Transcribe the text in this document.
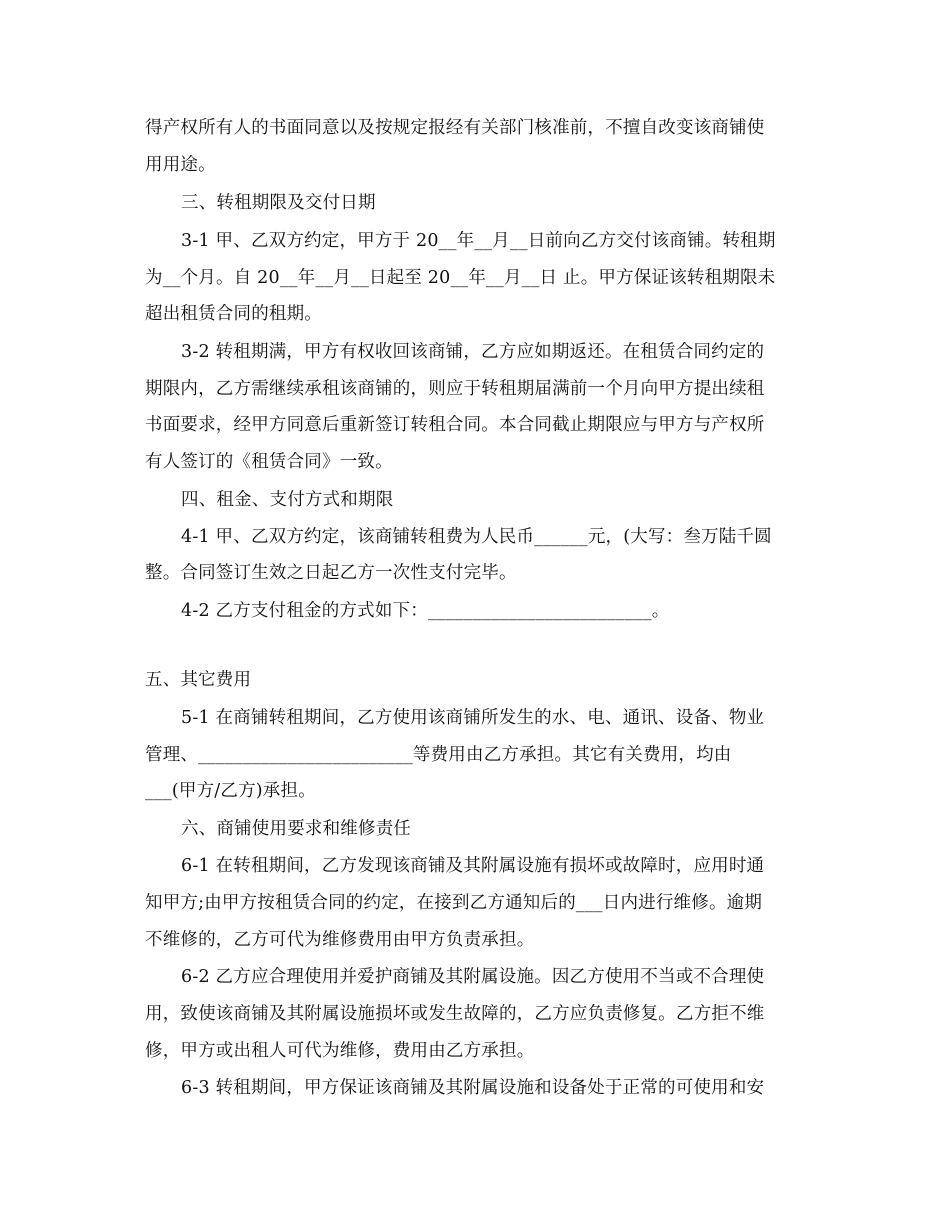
得产权所有人的书面同意以及按规定报经有关部门核准前，不擅自改变该商铺使
用用途。
三、转租期限及交付日期
3-1 甲、乙双方约定，甲方于 20__年__月__日前向乙方交付该商铺。转租期
为__个月。自 20__年__月__日起至 20__年__月__日 止。甲方保证该转租期限未
超出租赁合同的租期。
3-2 转租期满，甲方有权收回该商铺，乙方应如期返还。在租赁合同约定的
期限内，乙方需继续承租该商铺的，则应于转租期届满前一个月向甲方提出续租
书面要求，经甲方同意后重新签订转租合同。本合同截止期限应与甲方与产权所
有人签订的《租赁合同》一致。
四、租金、支付方式和期限
4-1 甲、乙双方约定，该商铺转租费为人民币______元，(大写：叁万陆千圆
整。合同签订生效之日起乙方一次性支付完毕。
4-2 乙方支付租金的方式如下：_________________________。
五、其它费用
5-1 在商铺转租期间，乙方使用该商铺所发生的水、电、通讯、设备、物业
管理、________________________等费用由乙方承担。其它有关费用，均由
___(甲方/乙方)承担。
六、商铺使用要求和维修责任
6-1 在转租期间，乙方发现该商铺及其附属设施有损坏或故障时，应用时通
知甲方;由甲方按租赁合同的约定，在接到乙方通知后的___日内进行维修。逾期
不维修的，乙方可代为维修费用由甲方负责承担。
6-2 乙方应合理使用并爱护商铺及其附属设施。因乙方使用不当或不合理使
用，致使该商铺及其附属设施损坏或发生故障的，乙方应负责修复。乙方拒不维
修，甲方或出租人可代为维修，费用由乙方承担。
6-3 转租期间，甲方保证该商铺及其附属设施和设备处于正常的可使用和安
